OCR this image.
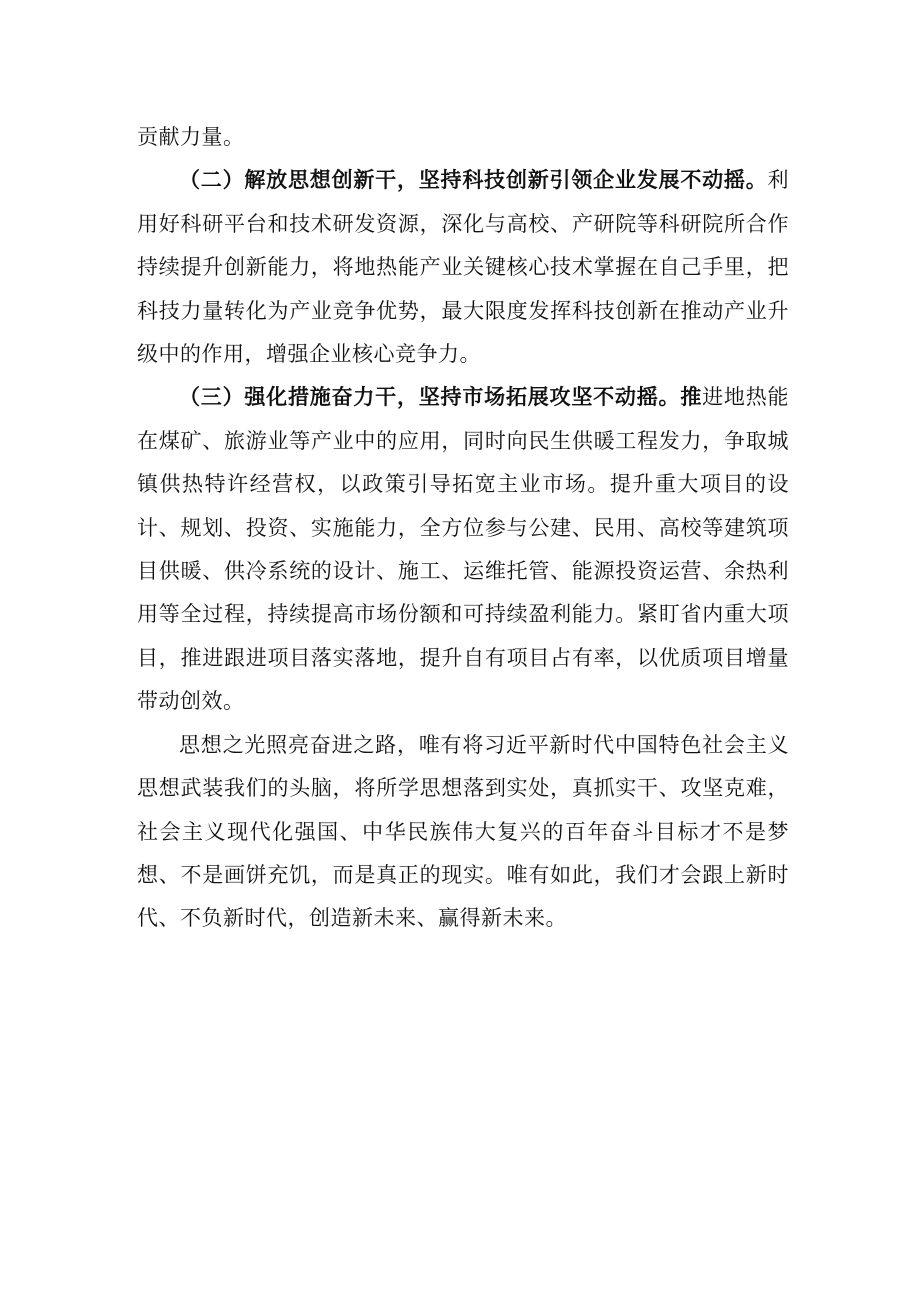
贡献力量。

（二）解放思想创新干，坚持科技创新引领企业发展不动摇。利用好科研平台和技术研发资源，深化与高校、产研院等科研院所合作持续提升创新能力，将地热能产业关键核心技术掌握在自己手里，把科技力量转化为产业竞争优势，最大限度发挥科技创新在推动产业升级中的作用，增强企业核心竞争力。

（三）强化措施奋力干，坚持市场拓展攻坚不动摇。推进地热能在煤矿、旅游业等产业中的应用，同时向民生供暖工程发力，争取城镇供热特许经营权，以政策引导拓宽主业市场。提升重大项目的设计、规划、投资、实施能力，全方位参与公建、民用、高校等建筑项目供暖、供冷系统的设计、施工、运维托管、能源投资运营、余热利用等全过程，持续提高市场份额和可持续盈利能力。紧盯省内重大项目，推进跟进项目落实落地，提升自有项目占有率，以优质项目增量带动创效。

思想之光照亮奋进之路，唯有将习近平新时代中国特色社会主义思想武装我们的头脑，将所学思想落到实处，真抓实干、攻坚克难，社会主义现代化强国、中华民族伟大复兴的百年奋斗目标才不是梦想、不是画饼充饥，而是真正的现实。唯有如此，我们才会跟上新时代、不负新时代，创造新未来、赢得新未来。
